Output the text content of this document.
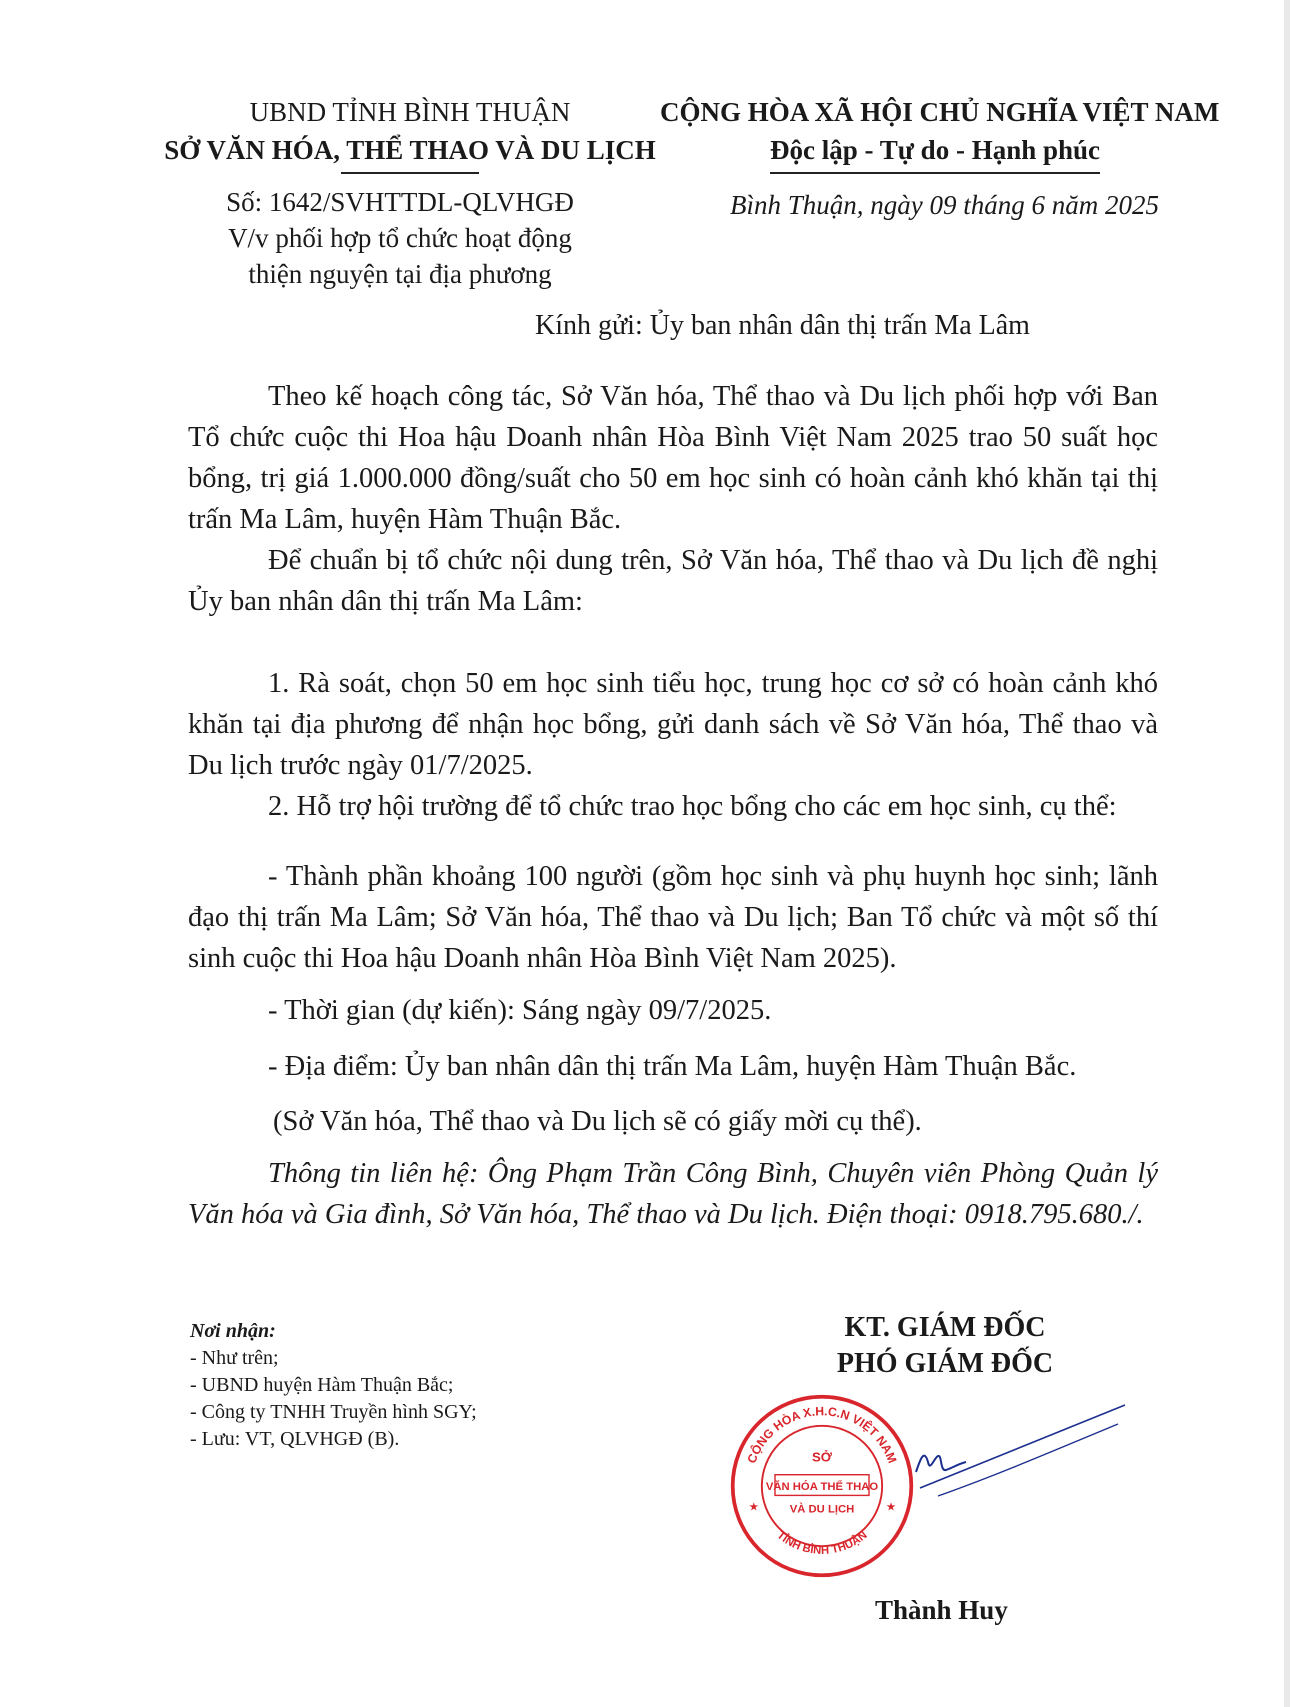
UBND TỈNH BÌNH THUẬN
SỞ VĂN HÓA, THỂ THAO VÀ DU LỊCH
CỘNG HÒA XÃ HỘI CHỦ NGHĨA VIỆT NAM
Độc lập - Tự do - Hạnh phúc
Số: 1642/SVHTTDL-QLVHGĐ
V/v phối hợp tổ chức hoạt động
thiện nguyện tại địa phương
Bình Thuận, ngày 09 tháng 6 năm 2025
Kính gửi: Ủy ban nhân dân thị trấn Ma Lâm
Theo kế hoạch công tác, Sở Văn hóa, Thể thao và Du lịch phối hợp với Ban Tổ chức cuộc thi Hoa hậu Doanh nhân Hòa Bình Việt Nam 2025 trao 50 suất học bổng, trị giá 1.000.000 đồng/suất cho 50 em học sinh có hoàn cảnh khó khăn tại thị trấn Ma Lâm, huyện Hàm Thuận Bắc.
Để chuẩn bị tổ chức nội dung trên, Sở Văn hóa, Thể thao và Du lịch đề nghị Ủy ban nhân dân thị trấn Ma Lâm:
1. Rà soát, chọn 50 em học sinh tiểu học, trung học cơ sở có hoàn cảnh khó khăn tại địa phương để nhận học bổng, gửi danh sách về Sở Văn hóa, Thể thao và Du lịch trước ngày 01/7/2025.
2. Hỗ trợ hội trường để tổ chức trao học bổng cho các em học sinh, cụ thể:
- Thành phần khoảng 100 người (gồm học sinh và phụ huynh học sinh; lãnh đạo thị trấn Ma Lâm; Sở Văn hóa, Thể thao và Du lịch; Ban Tổ chức và một số thí sinh cuộc thi Hoa hậu Doanh nhân Hòa Bình Việt Nam 2025).
- Thời gian (dự kiến): Sáng ngày 09/7/2025.
- Địa điểm: Ủy ban nhân dân thị trấn Ma Lâm, huyện Hàm Thuận Bắc.
(Sở Văn hóa, Thể thao và Du lịch sẽ có giấy mời cụ thể).
Thông tin liên hệ: Ông Phạm Trần Công Bình, Chuyên viên Phòng Quản lý Văn hóa và Gia đình, Sở Văn hóa, Thể thao và Du lịch. Điện thoại: 0918.795.680./.
Nơi nhận:
- Như trên;
- UBND huyện Hàm Thuận Bắc;
- Công ty TNHH Truyền hình SGY;
- Lưu: VT, QLVHGĐ (B).
KT. GIÁM ĐỐC
PHÓ GIÁM ĐỐC
SỞ
VĂN HÓA THỂ THAO
VÀ DU LỊCH
★	★
CỘNG HÒA X.H.C.N VIỆT NAM
TỈNH BÌNH THUẬN
Thành Huy
